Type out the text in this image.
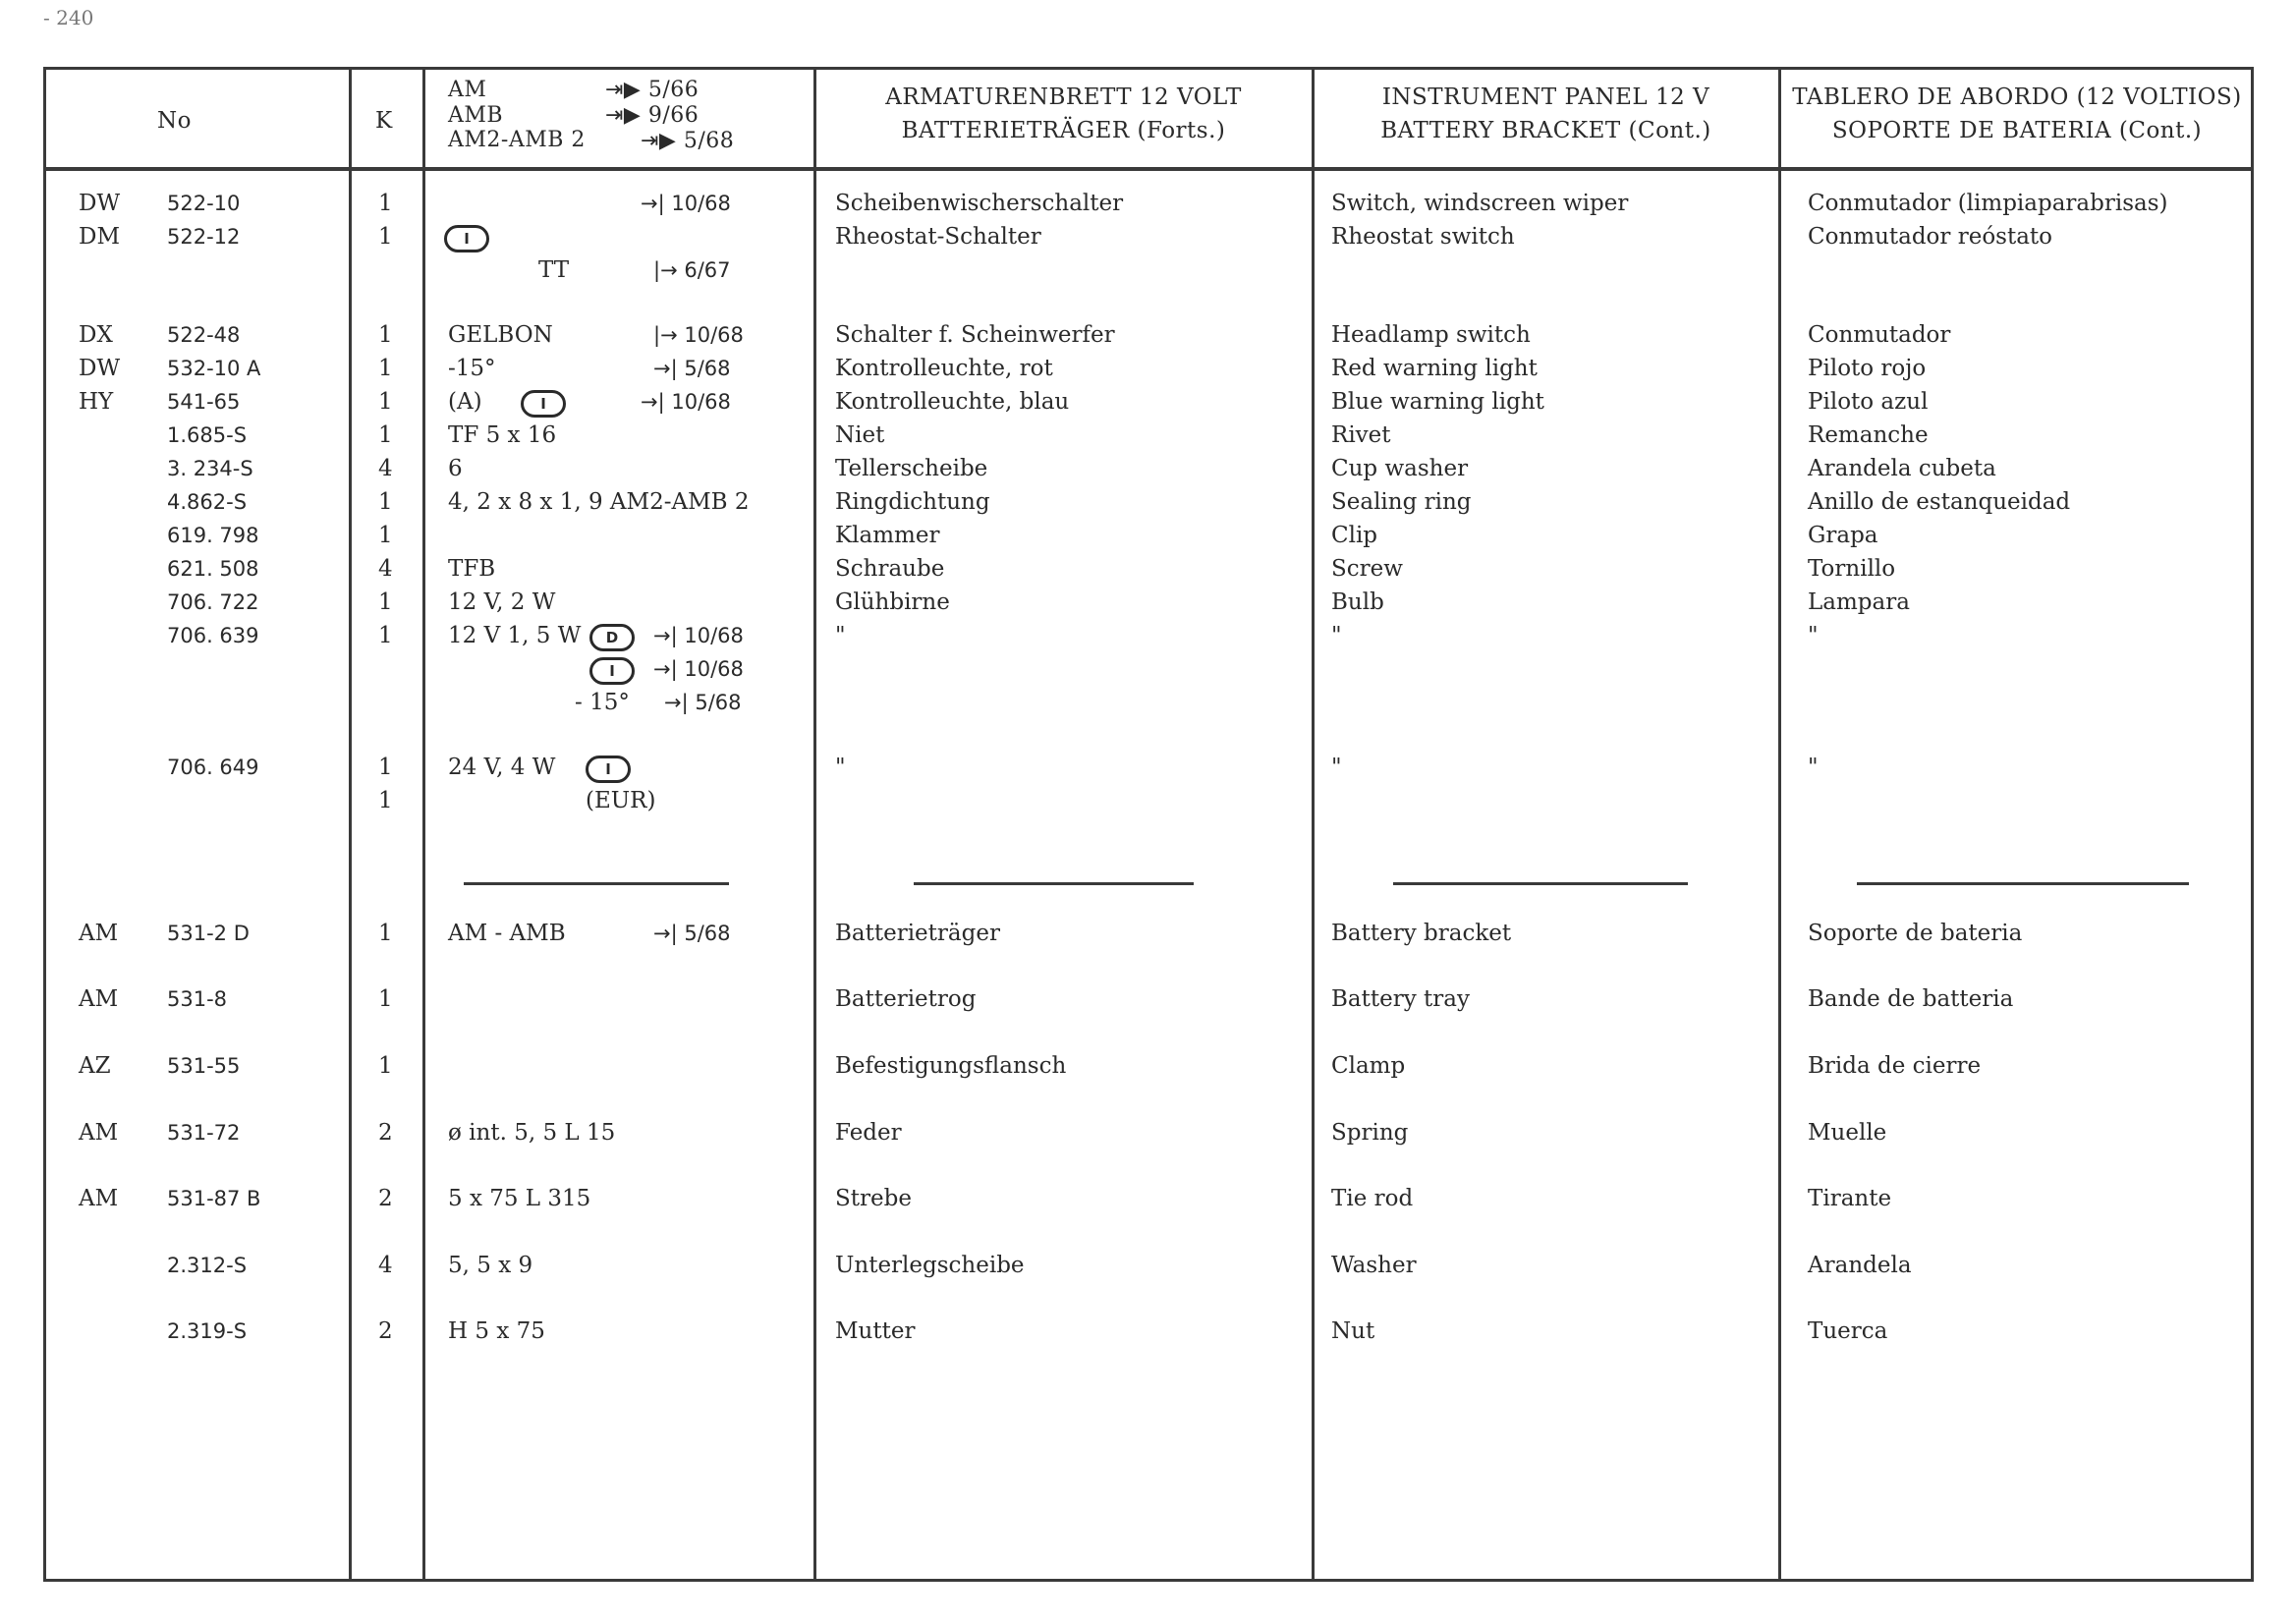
- 240
No	K
AM	⇥▶ 5/66
AMB	⇥▶ 9/66
AM2-AMB 2	⇥▶ 5/68
ARMATURENBRETT 12 VOLT
BATTERIETRÄGER (Forts.)
INSTRUMENT PANEL 12 V
BATTERY BRACKET (Cont.)
TABLERO DE ABORDO (12 VOLTIOS)
SOPORTE DE BATERIA (Cont.)
DW 522-10	1	→| 10/68	Scheibenwischerschalter	Switch, windscreen wiper	Conmutador (limpiaparabrisas)
DM 522-12	1	I	Rheostat-Schalter	Rheostat switch	Conmutador reóstato
TT	|→ 6/67
DX	522-48	1 GELBON	|→ 10/68	Schalter f. Scheinwerfer	Headlamp switch	Conmutador
DW 532-10 A	1 -15°	→| 5/68	Kontrolleuchte, rot	Red warning light	Piloto rojo
HY	541-65	1 (A)	I	→| 10/68	Kontrolleuchte, blau	Blue warning light	Piloto azul
1.685-S	1 TF 5 x 16	Niet	Rivet	Remanche
3. 234-S	4 6	Tellerscheibe	Cup washer	Arandela cubeta
4.862-S	1 4, 2 x 8 x 1, 9 AM2-AMB 2	Ringdichtung	Sealing ring	Anillo de estanqueidad
619. 798	1	Klammer	Clip	Grapa
621. 508	4 TFB	Schraube	Screw	Tornillo
706. 722	1 12 V, 2 W	Glühbirne	Bulb	Lampara
706. 639	1 12 V 1, 5 W	D	→| 10/68	"	"	"
I	→| 10/68
- 15° →| 5/68
706. 649	1 24 V, 4 W	I	"	"	"
1	(EUR)
AM 531-2 D	1 AM - AMB	→| 5/68	Batterieträger	Battery bracket	Soporte de bateria
AM 531-8	1	Batterietrog	Battery tray	Bande de batteria
AZ	531-55	1	Befestigungsflansch	Clamp	Brida de cierre
AM 531-72	2 ø int. 5, 5 L 15	Feder	Spring	Muelle
AM 531-87 B	2 5 x 75 L 315	Strebe	Tie rod	Tirante
2.312-S	4 5, 5 x 9	Unterlegscheibe	Washer	Arandela
2.319-S	2 H 5 x 75	Mutter	Nut	Tuerca
